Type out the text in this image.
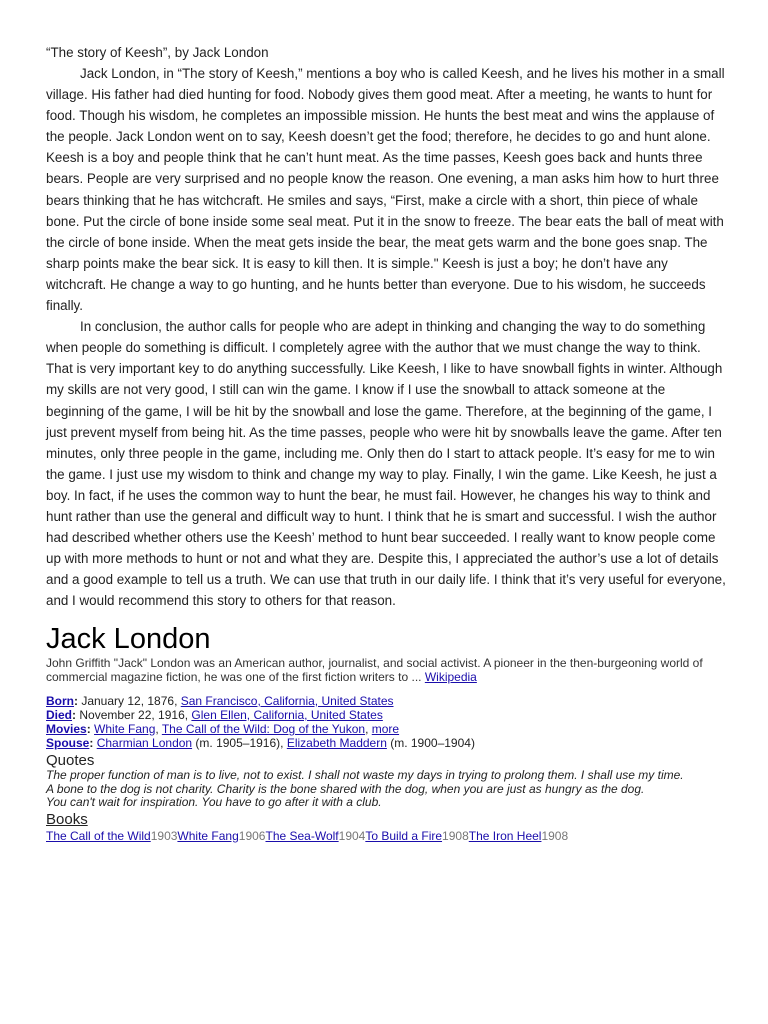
“The story of Keesh”, by Jack London

Jack London, in “The story of Keesh,” mentions a boy who is called Keesh, and he lives his mother in a small village. His father had died hunting for food. Nobody gives them good meat. After a meeting, he wants to hunt for food. Though his wisdom, he completes an impossible mission. He hunts the best meat and wins the applause of the people. Jack London went on to say, Keesh doesn’t get the food; therefore, he decides to go and hunt alone. Keesh is a boy and people think that he can’t hunt meat. As the time passes, Keesh goes back and hunts three bears. People are very surprised and no people know the reason. One evening, a man asks him how to hurt three bears thinking that he has witchcraft. He smiles and says, “First, make a circle with a short, thin piece of whale bone. Put the circle of bone inside some seal meat. Put it in the snow to freeze. The bear eats the ball of meat with the circle of bone inside. When the meat gets inside the bear, the meat gets warm and the bone goes snap. The sharp points make the bear sick. It is easy to kill then. It is simple." Keesh is just a boy; he don’t have any witchcraft. He change a way to go hunting, and he hunts better than everyone. Due to his wisdom, he succeeds finally.

In conclusion, the author calls for people who are adept in thinking and changing the way to do something when people do something is difficult. I completely agree with the author that we must change the way to think. That is very important key to do anything successfully. Like Keesh, I like to have snowball fights in winter. Although my skills are not very good, I still can win the game. I know if I use the snowball to attack someone at the beginning of the game, I will be hit by the snowball and lose the game. Therefore, at the beginning of the game, I just prevent myself from being hit. As the time passes, people who were hit by snowballs leave the game. After ten minutes, only three people in the game, including me. Only then do I start to attack people. It’s easy for me to win the game. I just use my wisdom to think and change my way to play. Finally, I win the game. Like Keesh, he just a boy. In fact, if he uses the common way to hunt the bear, he must fail. However, he changes his way to think and hunt rather than use the general and difficult way to hunt. I think that he is smart and successful. I wish the author had described whether others use the Keesh’ method to hunt bear succeeded. I really want to know people come up with more methods to hunt or not and what they are. Despite this, I appreciated the author’s use a lot of details and a good example to tell us a truth. We can use that truth in our daily life. I think that it’s very useful for everyone, and I would recommend this story to others for that reason.

Jack London

John Griffith "Jack" London was an American author, journalist, and social activist. A pioneer in the then-burgeoning world of commercial magazine fiction, he was one of the first fiction writers to ... Wikipedia

Born: January 12, 1876, San Francisco, California, United States

Died: November 22, 1916, Glen Ellen, California, United States

Movies: White Fang, The Call of the Wild: Dog of the Yukon, more

Spouse: Charmian London (m. 1905–1916), Elizabeth Maddern (m. 1900–1904)

Quotes

The proper function of man is to live, not to exist. I shall not waste my days in trying to prolong them. I shall use my time.

A bone to the dog is not charity. Charity is the bone shared with the dog, when you are just as hungry as the dog.

You can't wait for inspiration. You have to go after it with a club.

Books

The Call of the Wild1903White Fang1906The Sea-Wolf1904To Build a Fire1908The Iron Heel1908
